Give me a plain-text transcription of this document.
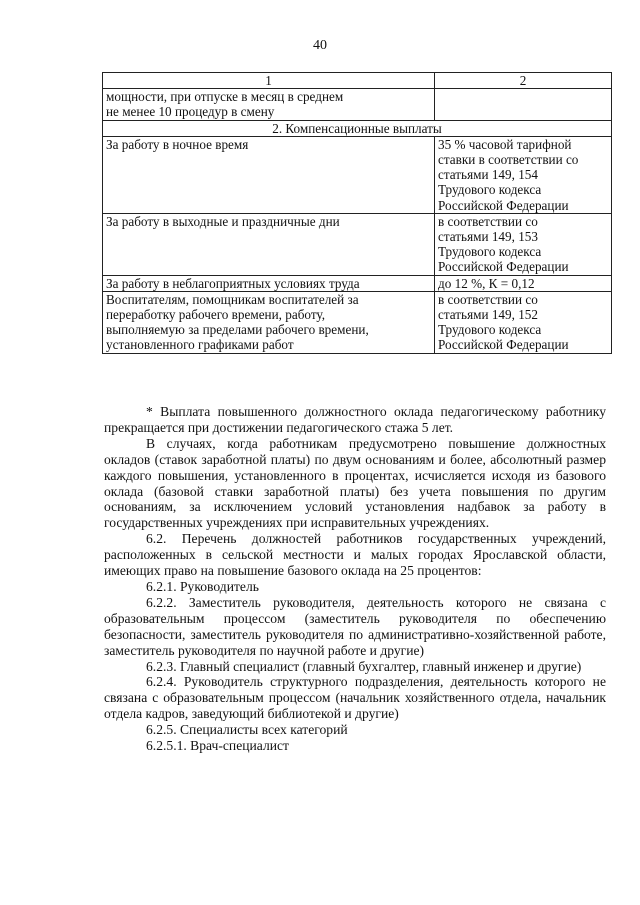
40
1	2
мощности, при отпуске в месяц в среднем
не менее 10 процедур в смену	
2. Компенсационные выплаты	
За работу в ночное время	35 % часовой тарифной
ставки в соответствии со
статьями 149, 154
Трудового кодекса
Российской Федерации
За работу в выходные и праздничные дни	в соответствии со
статьями 149, 153
Трудового кодекса
Российской Федерации
За работу в неблагоприятных условиях труда	до 12 %, К = 0,12
Воспитателям, помощникам воспитателей за
переработку рабочего времени, работу,
выполняемую за пределами рабочего времени,
установленного графиками работ	в соответствии со
статьями 149, 152
Трудового кодекса
Российской Федерации

* Выплата повышенного должностного оклада педагогическому работнику прекращается при достижении педагогического стажа 5 лет.

В случаях, когда работникам предусмотрено повышение должностных окладов (ставок заработной платы) по двум основаниям и более, абсолютный размер каждого повышения, установленного в процентах, исчисляется исходя из базового оклада (базовой ставки заработной платы) без учета повышения по другим основаниям, за исключением условий установления надбавок за работу в государственных учреждениях при исправительных учреждениях.

6.2. Перечень должностей работников государственных учреждений, расположенных в сельской местности и малых городах Ярославской области, имеющих право на повышение базового оклада на 25 процентов:

6.2.1. Руководитель

6.2.2. Заместитель руководителя, деятельность которого не связана с образовательным процессом (заместитель руководителя по обеспечению безопасности, заместитель руководителя по административно-хозяйственной работе, заместитель руководителя по научной работе и другие)

6.2.3. Главный специалист (главный бухгалтер, главный инженер и другие)

6.2.4. Руководитель структурного подразделения, деятельность которого не связана с образовательным процессом (начальник хозяйственного отдела, начальник отдела кадров, заведующий библиотекой и другие)

6.2.5. Специалисты всех категорий

6.2.5.1. Врач-специалист
